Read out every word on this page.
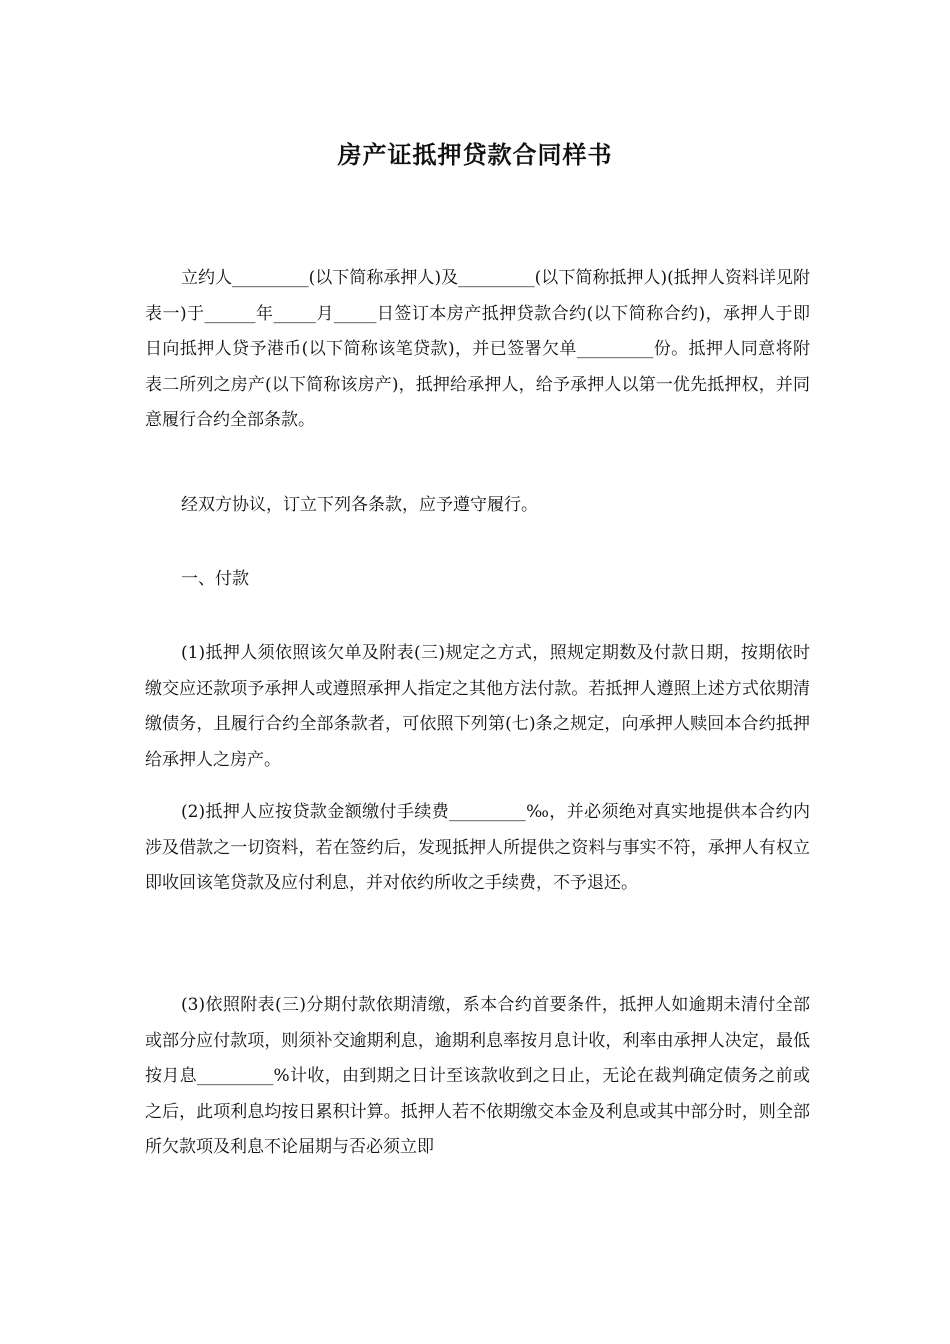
房产证抵押贷款合同样书

立约人_________(以下简称承押人)及_________(以下简称抵押人)(抵押人资料详见附表一)于______年_____月_____日签订本房产抵押贷款合约(以下简称合约)，承押人于即日向抵押人贷予港币(以下简称该笔贷款)，并已签署欠单_________份。抵押人同意将附表二所列之房产(以下简称该房产)，抵押给承押人，给予承押人以第一优先抵押权，并同意履行合约全部条款。

经双方协议，订立下列各条款，应予遵守履行。

一、付款

(1)抵押人须依照该欠单及附表(三)规定之方式，照规定期数及付款日期，按期依时缴交应还款项予承押人或遵照承押人指定之其他方法付款。若抵押人遵照上述方式依期清缴债务，且履行合约全部条款者，可依照下列第(七)条之规定，向承押人赎回本合约抵押给承押人之房产。

(2)抵押人应按贷款金额缴付手续费_________‰，并必须绝对真实地提供本合约内涉及借款之一切资料，若在签约后，发现抵押人所提供之资料与事实不符，承押人有权立即收回该笔贷款及应付利息，并对依约所收之手续费，不予退还。

(3)依照附表(三)分期付款依期清缴，系本合约首要条件，抵押人如逾期未清付全部或部分应付款项，则须补交逾期利息，逾期利息率按月息计收，利率由承押人决定，最低按月息_________%计收，由到期之日计至该款收到之日止，无论在裁判确定债务之前或之后，此项利息均按日累积计算。抵押人若不依期缴交本金及利息或其中部分时，则全部所欠款项及利息不论届期与否必须立即
